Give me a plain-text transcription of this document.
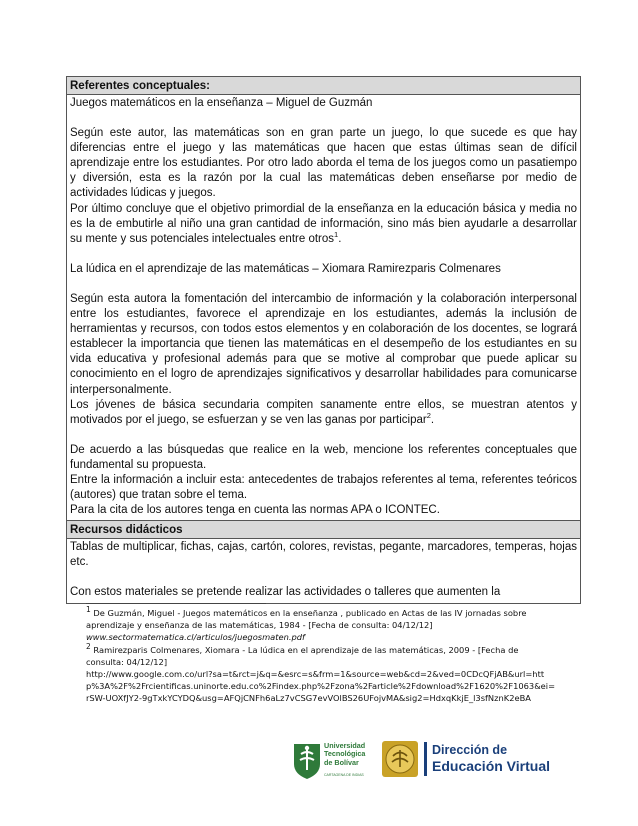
Referentes conceptuales:

Juegos matemáticos en la enseñanza – Miguel de Guzmán

Según este autor, las matemáticas son en gran parte un juego, lo que sucede es que hay diferencias entre el juego y las matemáticas que hacen que estas últimas sean de difícil aprendizaje entre los estudiantes. Por otro lado aborda el tema de los juegos como un pasatiempo y diversión, esta es la razón por la cual las matemáticas deben enseñarse por medio de actividades lúdicas y juegos.

Por último concluye que el objetivo primordial de la enseñanza en la educación básica y media no es la de embutirle al niño una gran cantidad de información, sino más bien ayudarle a desarrollar su mente y sus potenciales intelectuales entre otros$^1$.

La lúdica en el aprendizaje de las matemáticas – Xiomara Ramirezparis Colmenares

Según esta autora la fomentación del intercambio de información y la colaboración interpersonal entre los estudiantes, favorece el aprendizaje en los estudiantes, además la inclusión de herramientas y recursos, con todos estos elementos y en colaboración de los docentes, se logrará establecer la importancia que tienen las matemáticas en el desempeño de los estudiantes en su vida educativa y profesional además para que se motive al comprobar que puede aplicar su conocimiento en el logro de aprendizajes significativos y desarrollar habilidades para comunicarse interpersonalmente.

Los jóvenes de básica secundaria compiten sanamente entre ellos, se muestran atentos y motivados por el juego, se esfuerzan y se ven las ganas por participar$^2$.

De acuerdo a las búsquedas que realice en la web, mencione los referentes conceptuales que fundamental su propuesta.

Entre la información a incluir esta: antecedentes de trabajos referentes al tema, referentes teóricos (autores) que tratan sobre el tema.

Para la cita de los autores tenga en cuenta las normas APA o ICONTEC.

Recursos didácticos

Tablas de multiplicar, fichas, cajas, cartón, colores, revistas, pegante, marcadores, temperas, hojas etc.

Con estos materiales se pretende realizar las actividades o talleres que aumenten la

$^1$ De Guzmán, Miguel - Juegos matemáticos en la enseñanza , publicado en Actas de las IV jornadas sobre aprendizaje y enseñanza de las matemáticas, 1984 - [Fecha de consulta: 04/12/12]

www.sectormatematica.cl/articulos/juegosmaten.pdf

$^2$ Ramirezparis Colmenares, Xiomara - La lúdica en el aprendizaje de las matemáticas, 2009 - [Fecha de consulta: 04/12/12]

http://www.google.com.co/url?sa=t&rct=j&q=&esrc=s&frm=1&source=web&cd=2&ved=0CDcQFjAB&url=http%3A%2F%2Frcientificas.uninorte.edu.co%2Findex.php%2Fzona%2Farticle%2Fdownload%2F1620%2F1063&ei=rSW-UOXfJY2-9gTxkYCYDQ&usg=AFQjCNFh6aLz7vCSG7evVOlBS26UFojvMA&sig2=HdxqKkjE_l3sfNznK2eBA

Universidad
Tecnológica
de Bolívar
CARTAGENA DE INDIAS
Dirección de
Educación Virtual
